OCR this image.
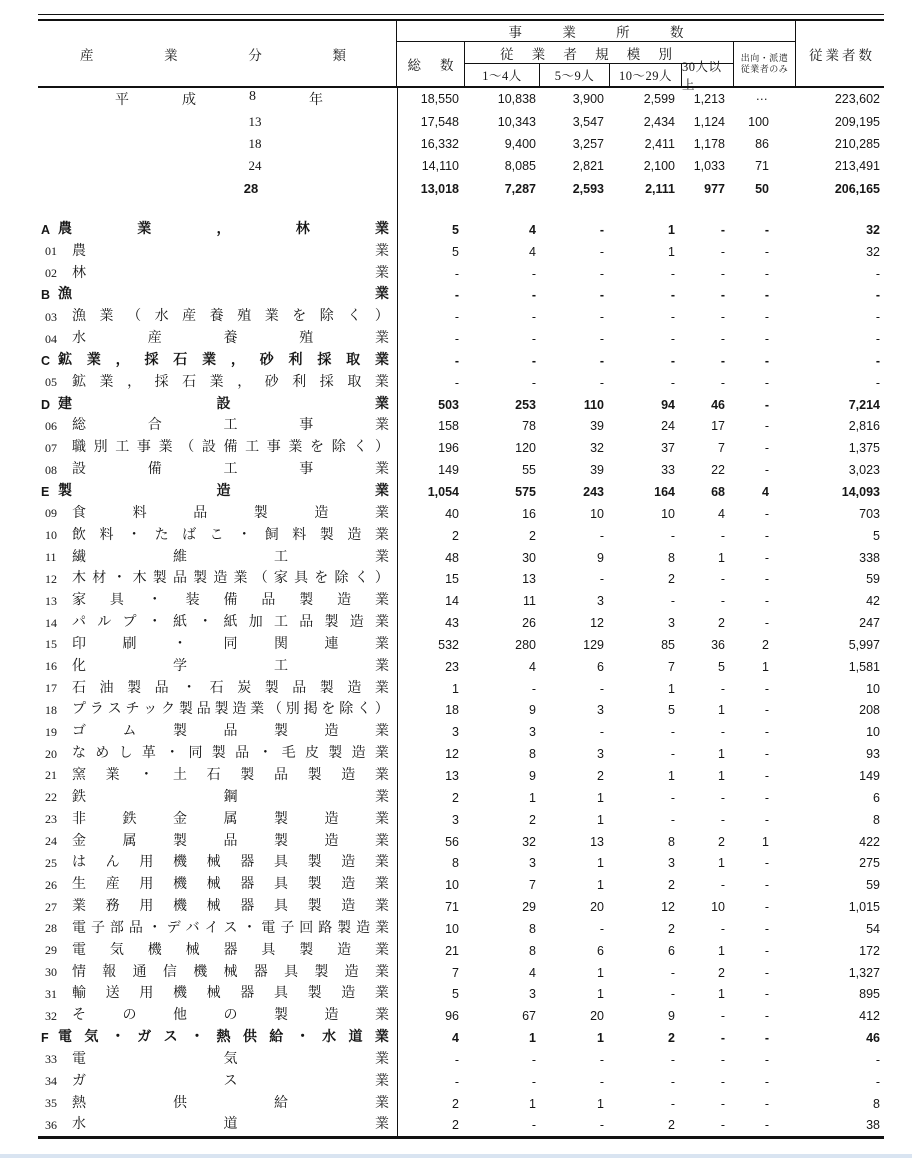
産	業	分	類
事	業	所	数
従業者数
総 数
従 業 者 規 模 別	出向・派遣
従業者のみ
1〜4人	5〜9人	10〜29人
30人以上
平	成	8	年	18,550	10,838	3,900	2,599	1,213	…	223,602
13	17,548	10,343	3,547	2,434	1,124	100	209,195
18	16,332	9,400	3,257	2,411	1,178	86	210,285
24	14,110	8,085	2,821	2,100	1,033	71	213,491
28	13,018	7,287	2,593	2,111	977	50	206,165
A 農	業	，	林	業	5	4	-	1	-	-	32
01	農	業	5	4	-	1	-	-	32
02	林	業	-	-	-	-	-	-	-
B 漁	業	-	-	-	-	-	-	-
03	漁 業 （ 水 産 養 殖 業 を 除 く ）	-	-	-	-	-	-	-
04	水	産	養	殖	業	-	-	-	-	-	-	-
C 鉱 業 ， 採 石 業 ， 砂 利 採 取 業	-	-	-	-	-	-	-
05	鉱 業 ， 採 石 業 ， 砂 利 採 取 業	-	-	-	-	-	-	-
D 建	設	業	503	253	110	94	46	-	7,214
06	総	合	工	事	業	158	78	39	24	17	-	2,816
07	職 別 工 事 業 （ 設 備 工 事 業 を 除 く ）	196	120	32	37	7	-	1,375
08	設	備	工	事	業	149	55	39	33	22	-	3,023
E 製	造	業	1,054	575	243	164	68	4	14,093
09	食	料	品	製	造	業	40	16	10	10	4	-	703
10	飲 料 ・ た ば こ ・ 飼 料 製 造 業	2	2	-	-	-	-	5
11	繊	維	工	業	48	30	9	8	1	-	338
12	木 材 ・ 木 製 品 製 造 業 （ 家 具 を 除 く ）	15	13	-	2	-	-	59
13	家 具 ・ 装 備 品 製 造 業	14	11	3	-	-	-	42
14	パ ル プ ・ 紙 ・ 紙 加 工 品 製 造 業	43	26	12	3	2	-	247
15	印	刷	・	同	関	連	業	532	280	129	85	36	2	5,997
16	化	学	工	業	23	4	6	7	5	1	1,581
17	石 油 製 品 ・ 石 炭 製 品 製 造 業	1	-	-	1	-	-	10
18	プ ラ ス チ ッ ク 製 品 製 造 業 （ 別 掲 を 除 く ）	18	9	3	5	1	-	208
19	ゴ	ム	製	品	製	造	業	3	3	-	-	-	-	10
20	な め し 革 ・ 同 製 品 ・ 毛 皮 製 造 業	12	8	3	-	1	-	93
21	窯 業 ・ 土 石 製 品 製 造 業	13	9	2	1	1	-	149
22	鉄	鋼	業	2	1	1	-	-	-	6
23	非	鉄	金	属	製	造	業	3	2	1	-	-	-	8
24	金	属	製	品	製	造	業	56	32	13	8	2	1	422
25	は ん 用 機 械 器 具 製 造 業	8	3	1	3	1	-	275
26	生 産 用 機 械 器 具 製 造 業	10	7	1	2	-	-	59
27	業 務 用 機 械 器 具 製 造 業	71	29	20	12	10	-	1,015
28	電 子 部 品 ・ デ バ イ ス ・ 電 子 回 路 製 造 業	10	8	-	2	-	-	54
29	電 気 機 械 器 具 製 造 業	21	8	6	6	1	-	172
30	情 報 通 信 機 械 器 具 製 造 業	7	4	1	-	2	-	1,327
31	輸 送 用 機 械 器 具 製 造 業	5	3	1	-	1	-	895
32	そ	の	他	の	製	造	業	96	67	20	9	-	-	412
F 電 気 ・ ガ ス ・ 熱 供 給 ・ 水 道 業	4	1	1	2	-	-	46
33	電	気	業	-	-	-	-	-	-	-
34	ガ	ス	業	-	-	-	-	-	-	-
35	熱	供	給	業	2	1	1	-	-	-	8
36	水	道	業	2	-	-	2	-	-	38
